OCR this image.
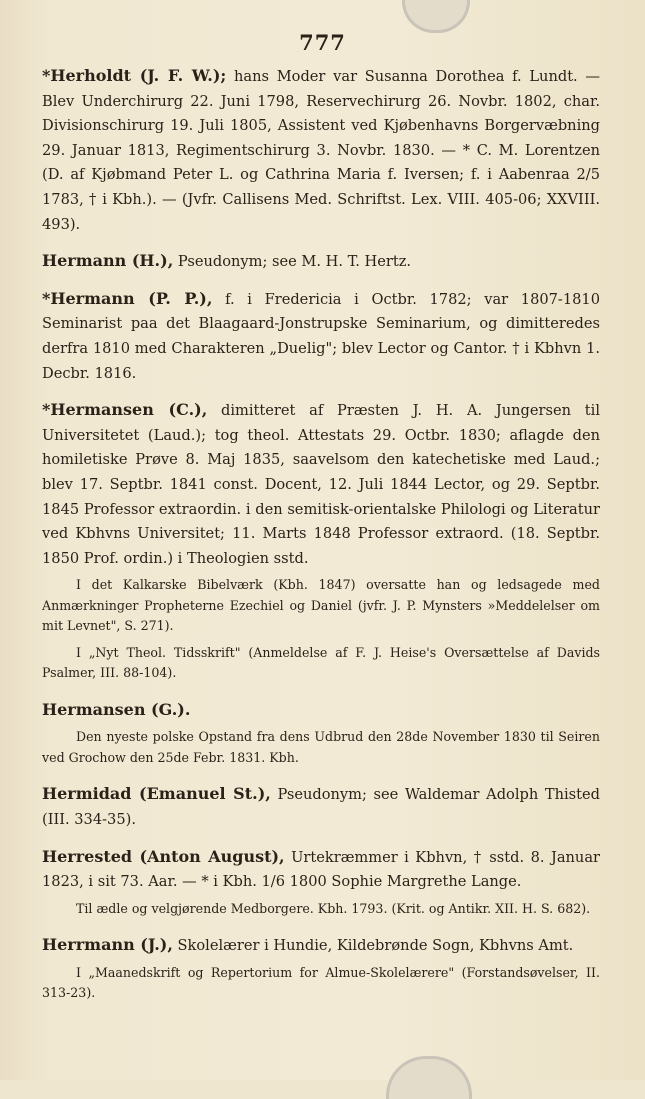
777
*Herholdt (J. F. W.); hans Moder var Susanna Dorothea f. Lundt. — Blev Underchirurg 22. Juni 1798, Reservechirurg 26. Novbr. 1802, char. Divisionschirurg 19. Juli 1805, Assistent ved Kjøbenhavns Borgervæbning 29. Januar 1813, Regimentschirurg 3. Novbr. 1830. — * C. M. Lorentzen (D. af Kjøbmand Peter L. og Cathrina Maria f. Iversen; f. i Aabenraa 2/5 1783, † i Kbh.). — (Jvfr. Callisens Med. Schriftst. Lex. VIII. 405-06; XXVIII. 493).
Hermann (H.), Pseudonym; see M. H. T. Hertz.
*Hermann (P. P.), f. i Fredericia i Octbr. 1782; var 1807-1810 Seminarist paa det Blaagaard-Jonstrupske Seminarium, og dimitteredes derfra 1810 med Charakteren „Duelig"; blev Lector og Cantor. † i Kbhvn 1. Decbr. 1816.
*Hermansen (C.), dimitteret af Præsten J. H. A. Jungersen til Universitetet (Laud.); tog theol. Attestats 29. Octbr. 1830; aflagde den homiletiske Prøve 8. Maj 1835, saavelsom den katechetiske med Laud.; blev 17. Septbr. 1841 const. Docent, 12. Juli 1844 Lector, og 29. Septbr. 1845 Professor extraordin. i den semitisk-orientalske Philologi og Literatur ved Kbhvns Universitet; 11. Marts 1848 Professor extraord. (18. Septbr. 1850 Prof. ordin.) i Theologien sstd.

I det Kalkarske Bibelværk (Kbh. 1847) oversatte han og ledsagede med Anmærkninger Propheterne Ezechiel og Daniel (jvfr. J. P. Mynsters »Meddelelser om mit Levnet", S. 271).

I „Nyt Theol. Tidsskrift" (Anmeldelse af F. J. Heise's Oversættelse af Davids Psalmer, III. 88-104).

Hermansen (G.).

Den nyeste polske Opstand fra dens Udbrud den 28de November 1830 til Seiren ved Grochow den 25de Febr. 1831. Kbh.

Hermidad (Emanuel St.), Pseudonym; see Waldemar Adolph Thisted (III. 334-35).
Herrested (Anton August), Urtekræmmer i Kbhvn, † sstd. 8. Januar 1823, i sit 73. Aar. — * i Kbh. 1/6 1800 Sophie Margrethe Lange.

Til ædle og velgjørende Medborgere. Kbh. 1793. (Krit. og Antikr. XII. H. S. 682).

Herrmann (J.), Skolelærer i Hundie, Kildebrøndе Sogn, Kbhvns Amt.

I „Maanedskrift og Repertorium for Almue-Skolelærere" (Forstandsøvelser, II. 313-23).
